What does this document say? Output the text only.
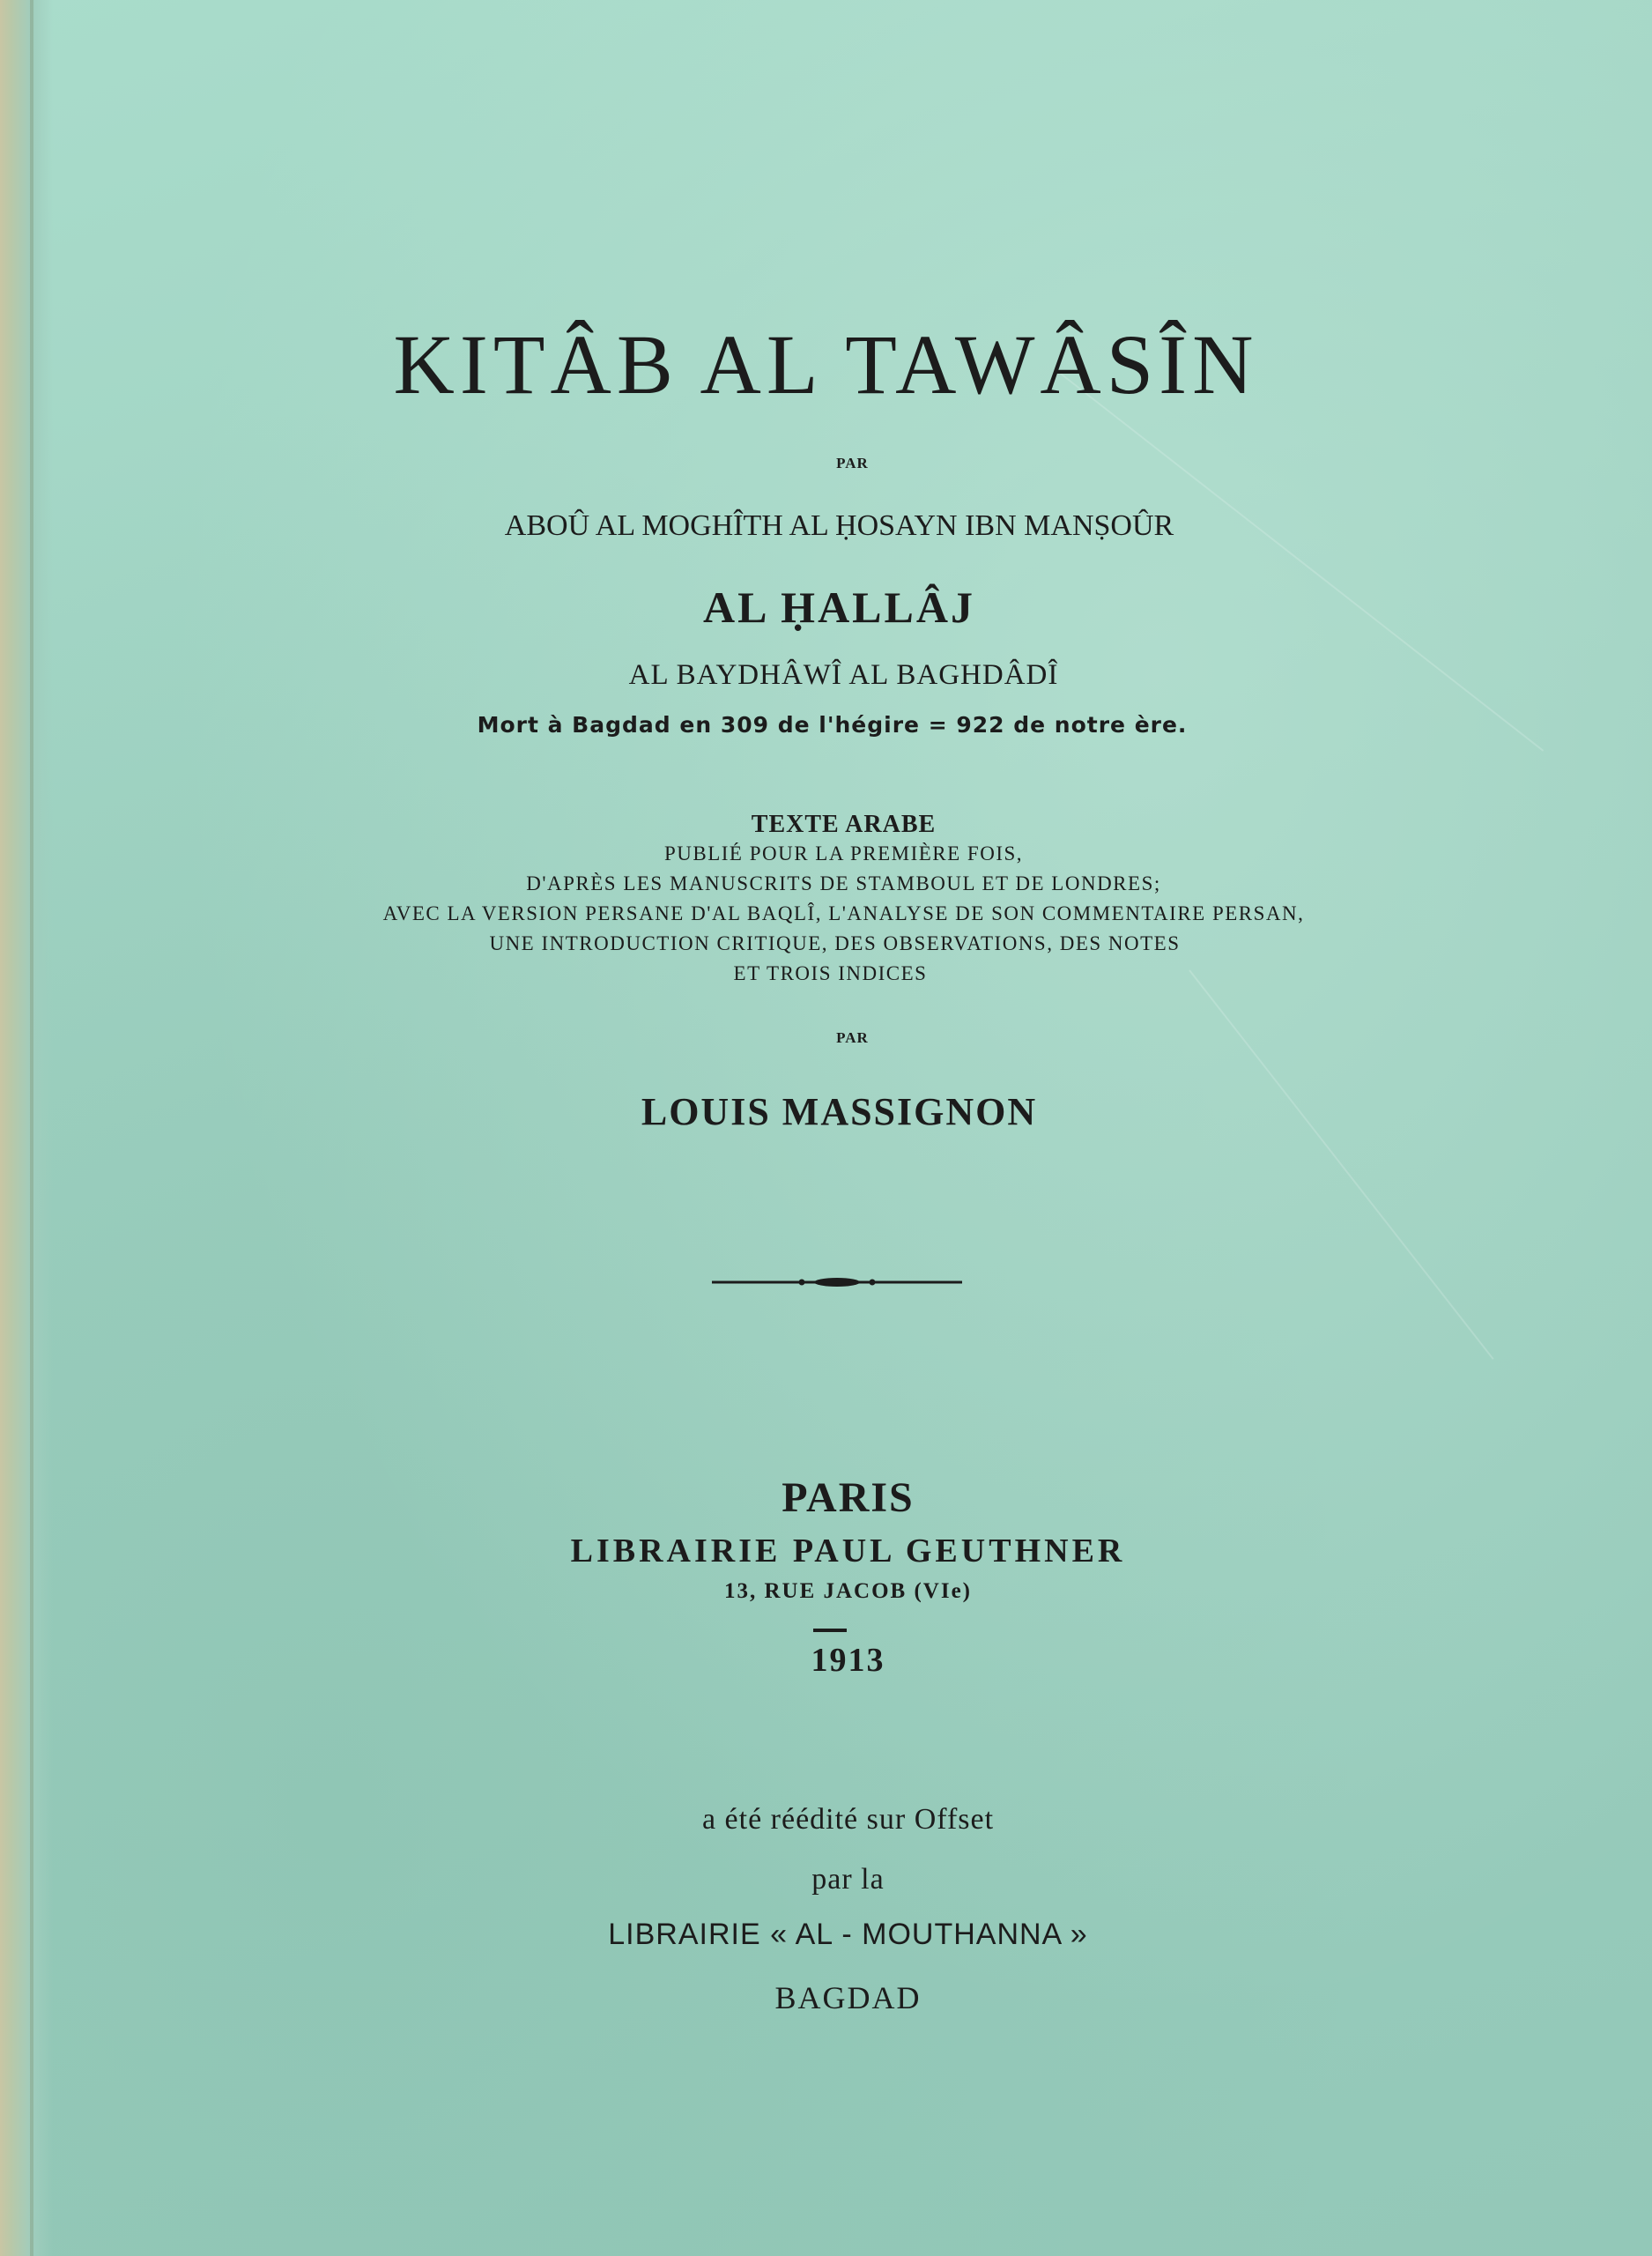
KITÂB AL TAWÂSÎN
PAR
ABOÛ AL MOGHÎTH AL ḤOSAYN IBN MANṢOÛR
AL ḤALLÂJ
AL BAYDHÂWÎ AL BAGHDÂDÎ
Mort à Bagdad en 309 de l'hégire = 922 de notre ère.
TEXTE ARABE
PUBLIÉ POUR LA PREMIÈRE FOIS,
D'APRÈS LES MANUSCRITS DE STAMBOUL ET DE LONDRES;
AVEC LA VERSION PERSANE D'AL BAQLÎ, L'ANALYSE DE SON COMMENTAIRE PERSAN,
UNE INTRODUCTION CRITIQUE, DES OBSERVATIONS, DES NOTES
ET TROIS INDICES
PAR
LOUIS MASSIGNON
PARIS
LIBRAIRIE PAUL GEUTHNER
13, RUE JACOB (VIe)
1913
a été réédité sur Offset
par la
LIBRAIRIE « AL - MOUTHANNA »
BAGDAD
